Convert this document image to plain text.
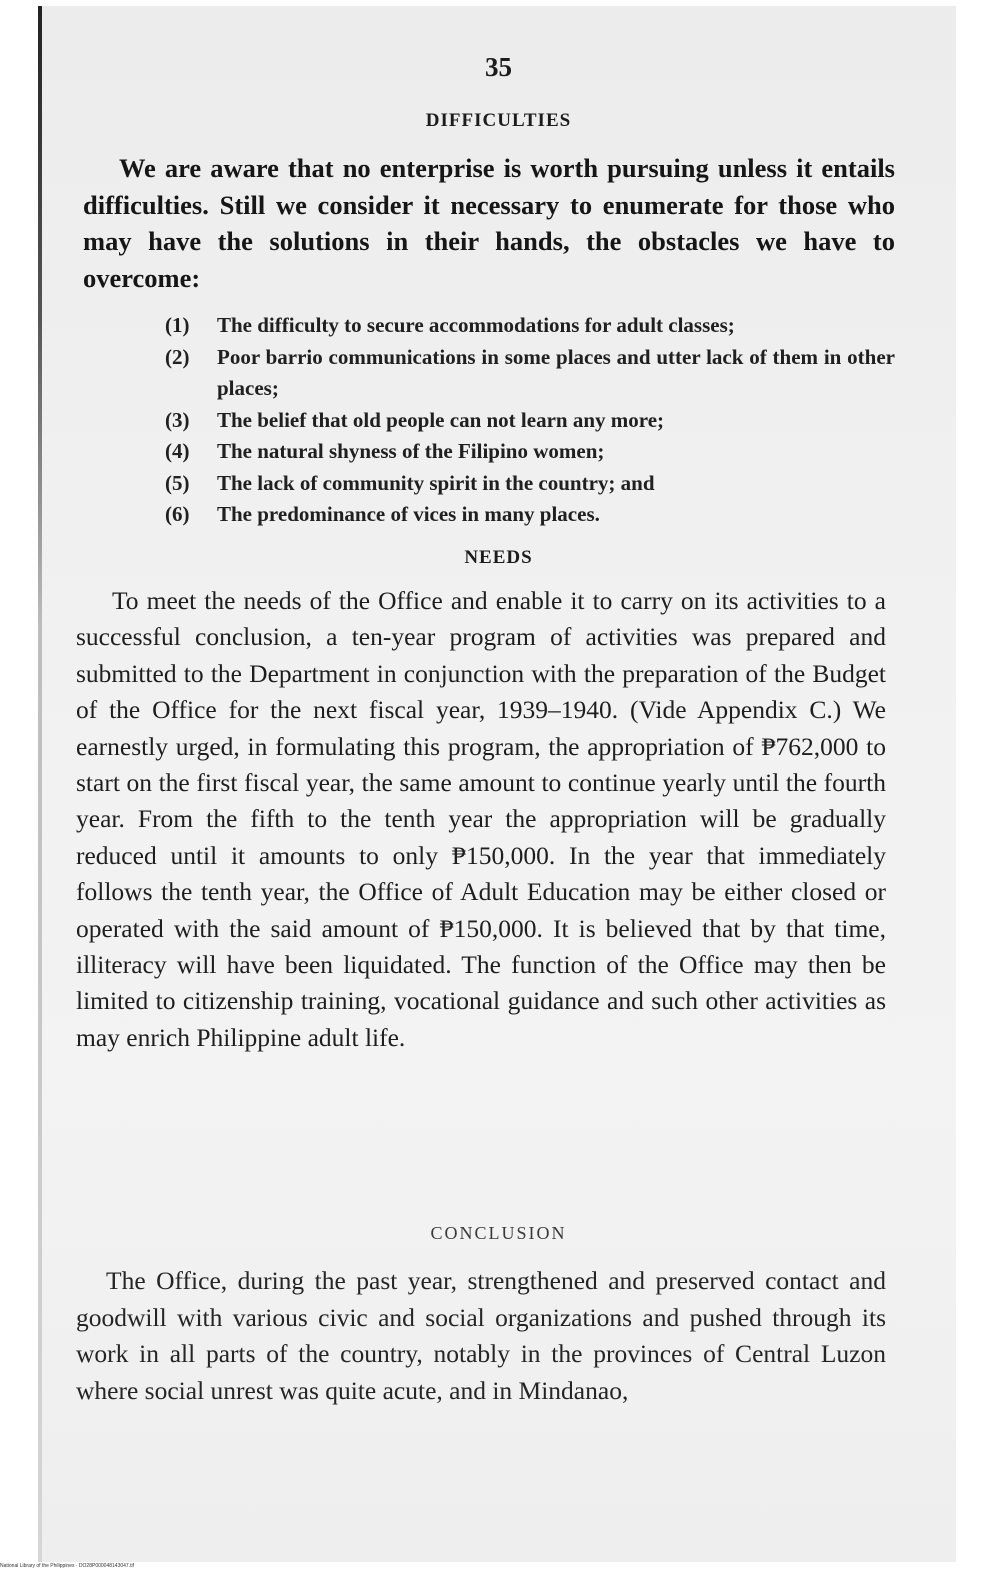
35
DIFFICULTIES

We are aware that no enterprise is worth pursuing unless it entails difficulties. Still we consider it necessary to enumerate for those who may have the solutions in their hands, the obstacles we have to overcome:

(1) The difficulty to secure accommodations for adult classes;
(2) Poor barrio communications in some places and utter lack of them in other places;
(3) The belief that old people can not learn any more;
(4) The natural shyness of the Filipino women;
(5) The lack of community spirit in the country; and
(6) The predominance of vices in many places.
NEEDS

To meet the needs of the Office and enable it to carry on its activities to a successful conclusion, a ten-year program of activities was prepared and submitted to the Department in conjunction with the preparation of the Budget of the Office for the next fiscal year, 1939–1940. (Vide Appendix C.) We earnestly urged, in formulating this program, the appropriation of ₱762,000 to start on the first fiscal year, the same amount to continue yearly until the fourth year. From the fifth to the tenth year the appropriation will be gradually reduced until it amounts to only ₱150,000. In the year that immediately follows the tenth year, the Office of Adult Education may be either closed or operated with the said amount of ₱150,000. It is believed that by that time, illiteracy will have been liquidated. The function of the Office may then be limited to citizenship training, vocational guidance and such other activities as may enrich Philippine adult life.

CONCLUSION

The Office, during the past year, strengthened and preserved contact and goodwill with various civic and social organizations and pushed through its work in all parts of the country, notably in the provinces of Central Luzon where social unrest was quite acute, and in Mindanao,

National Library of the Philippines · DO28P000048143047.tif
